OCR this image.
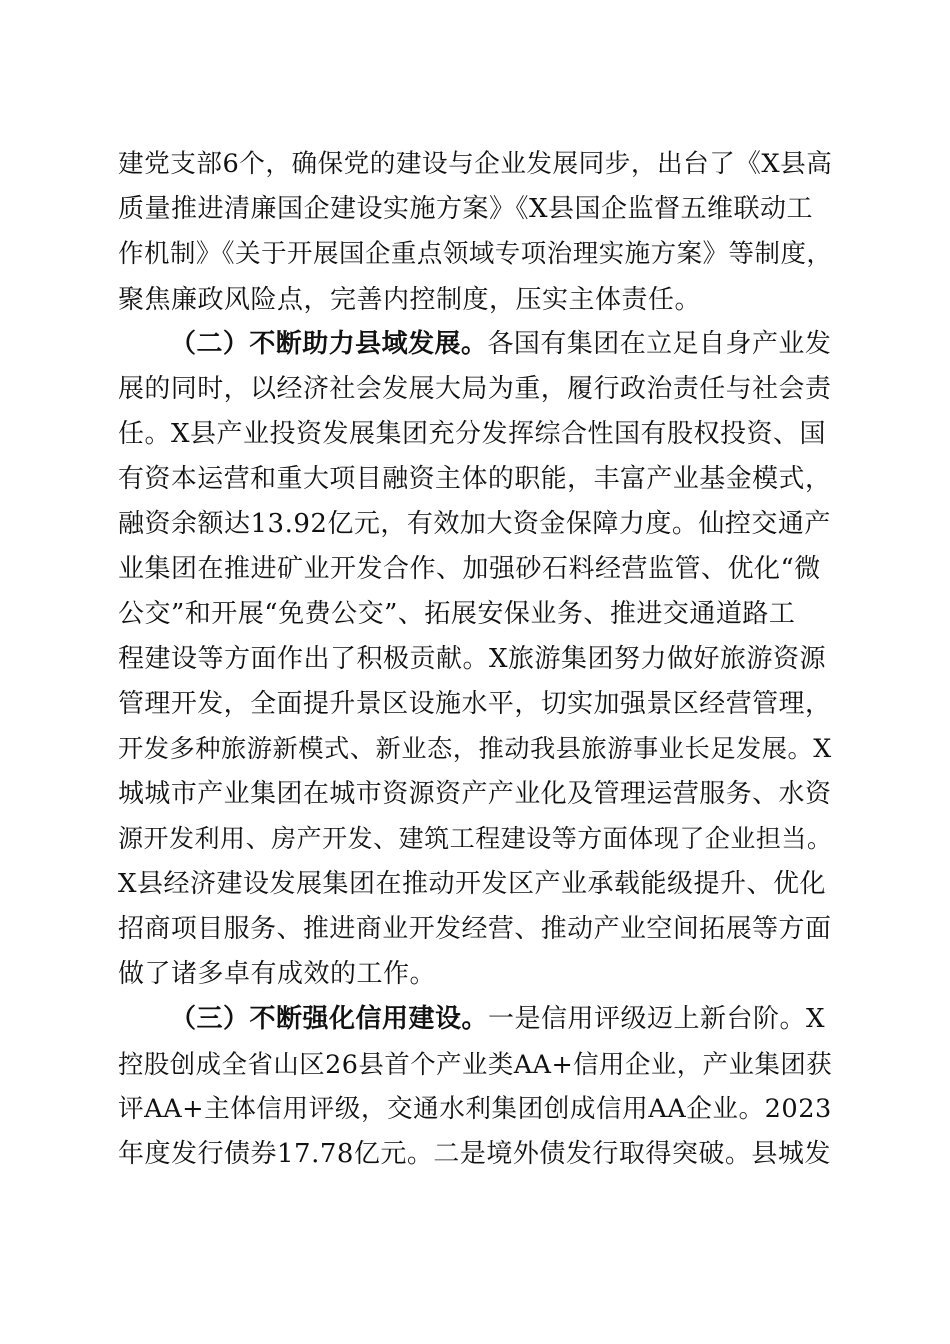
建党支部6个，确保党的建设与企业发展同步，出台了《X县高
质量推进清廉国企建设实施方案》《X县国企监督五维联动工
作机制》《关于开展国企重点领域专项治理实施方案》等制度，
聚焦廉政风险点，完善内控制度，压实主体责任。
（二）不断助力县域发展。各国有集团在立足自身产业发
展的同时，以经济社会发展大局为重，履行政治责任与社会责
任。X县产业投资发展集团充分发挥综合性国有股权投资、国
有资本运营和重大项目融资主体的职能，丰富产业基金模式，
融资余额达13.92亿元，有效加大资金保障力度。仙控交通产
业集团在推进矿业开发合作、加强砂石料经营监管、优化“微
公交”和开展“免费公交”、拓展安保业务、推进交通道路工
程建设等方面作出了积极贡献。X旅游集团努力做好旅游资源
管理开发，全面提升景区设施水平，切实加强景区经营管理，
开发多种旅游新模式、新业态，推动我县旅游事业长足发展。X
城城市产业集团在城市资源资产产业化及管理运营服务、水资
源开发利用、房产开发、建筑工程建设等方面体现了企业担当。
X县经济建设发展集团在推动开发区产业承载能级提升、优化
招商项目服务、推进商业开发经营、推动产业空间拓展等方面
做了诸多卓有成效的工作。
（三）不断强化信用建设。一是信用评级迈上新台阶。X
控股创成全省山区26县首个产业类AA+信用企业，产业集团获
评AA+主体信用评级，交通水利集团创成信用AA企业。2023
年度发行债券17.78亿元。二是境外债发行取得突破。县城发
